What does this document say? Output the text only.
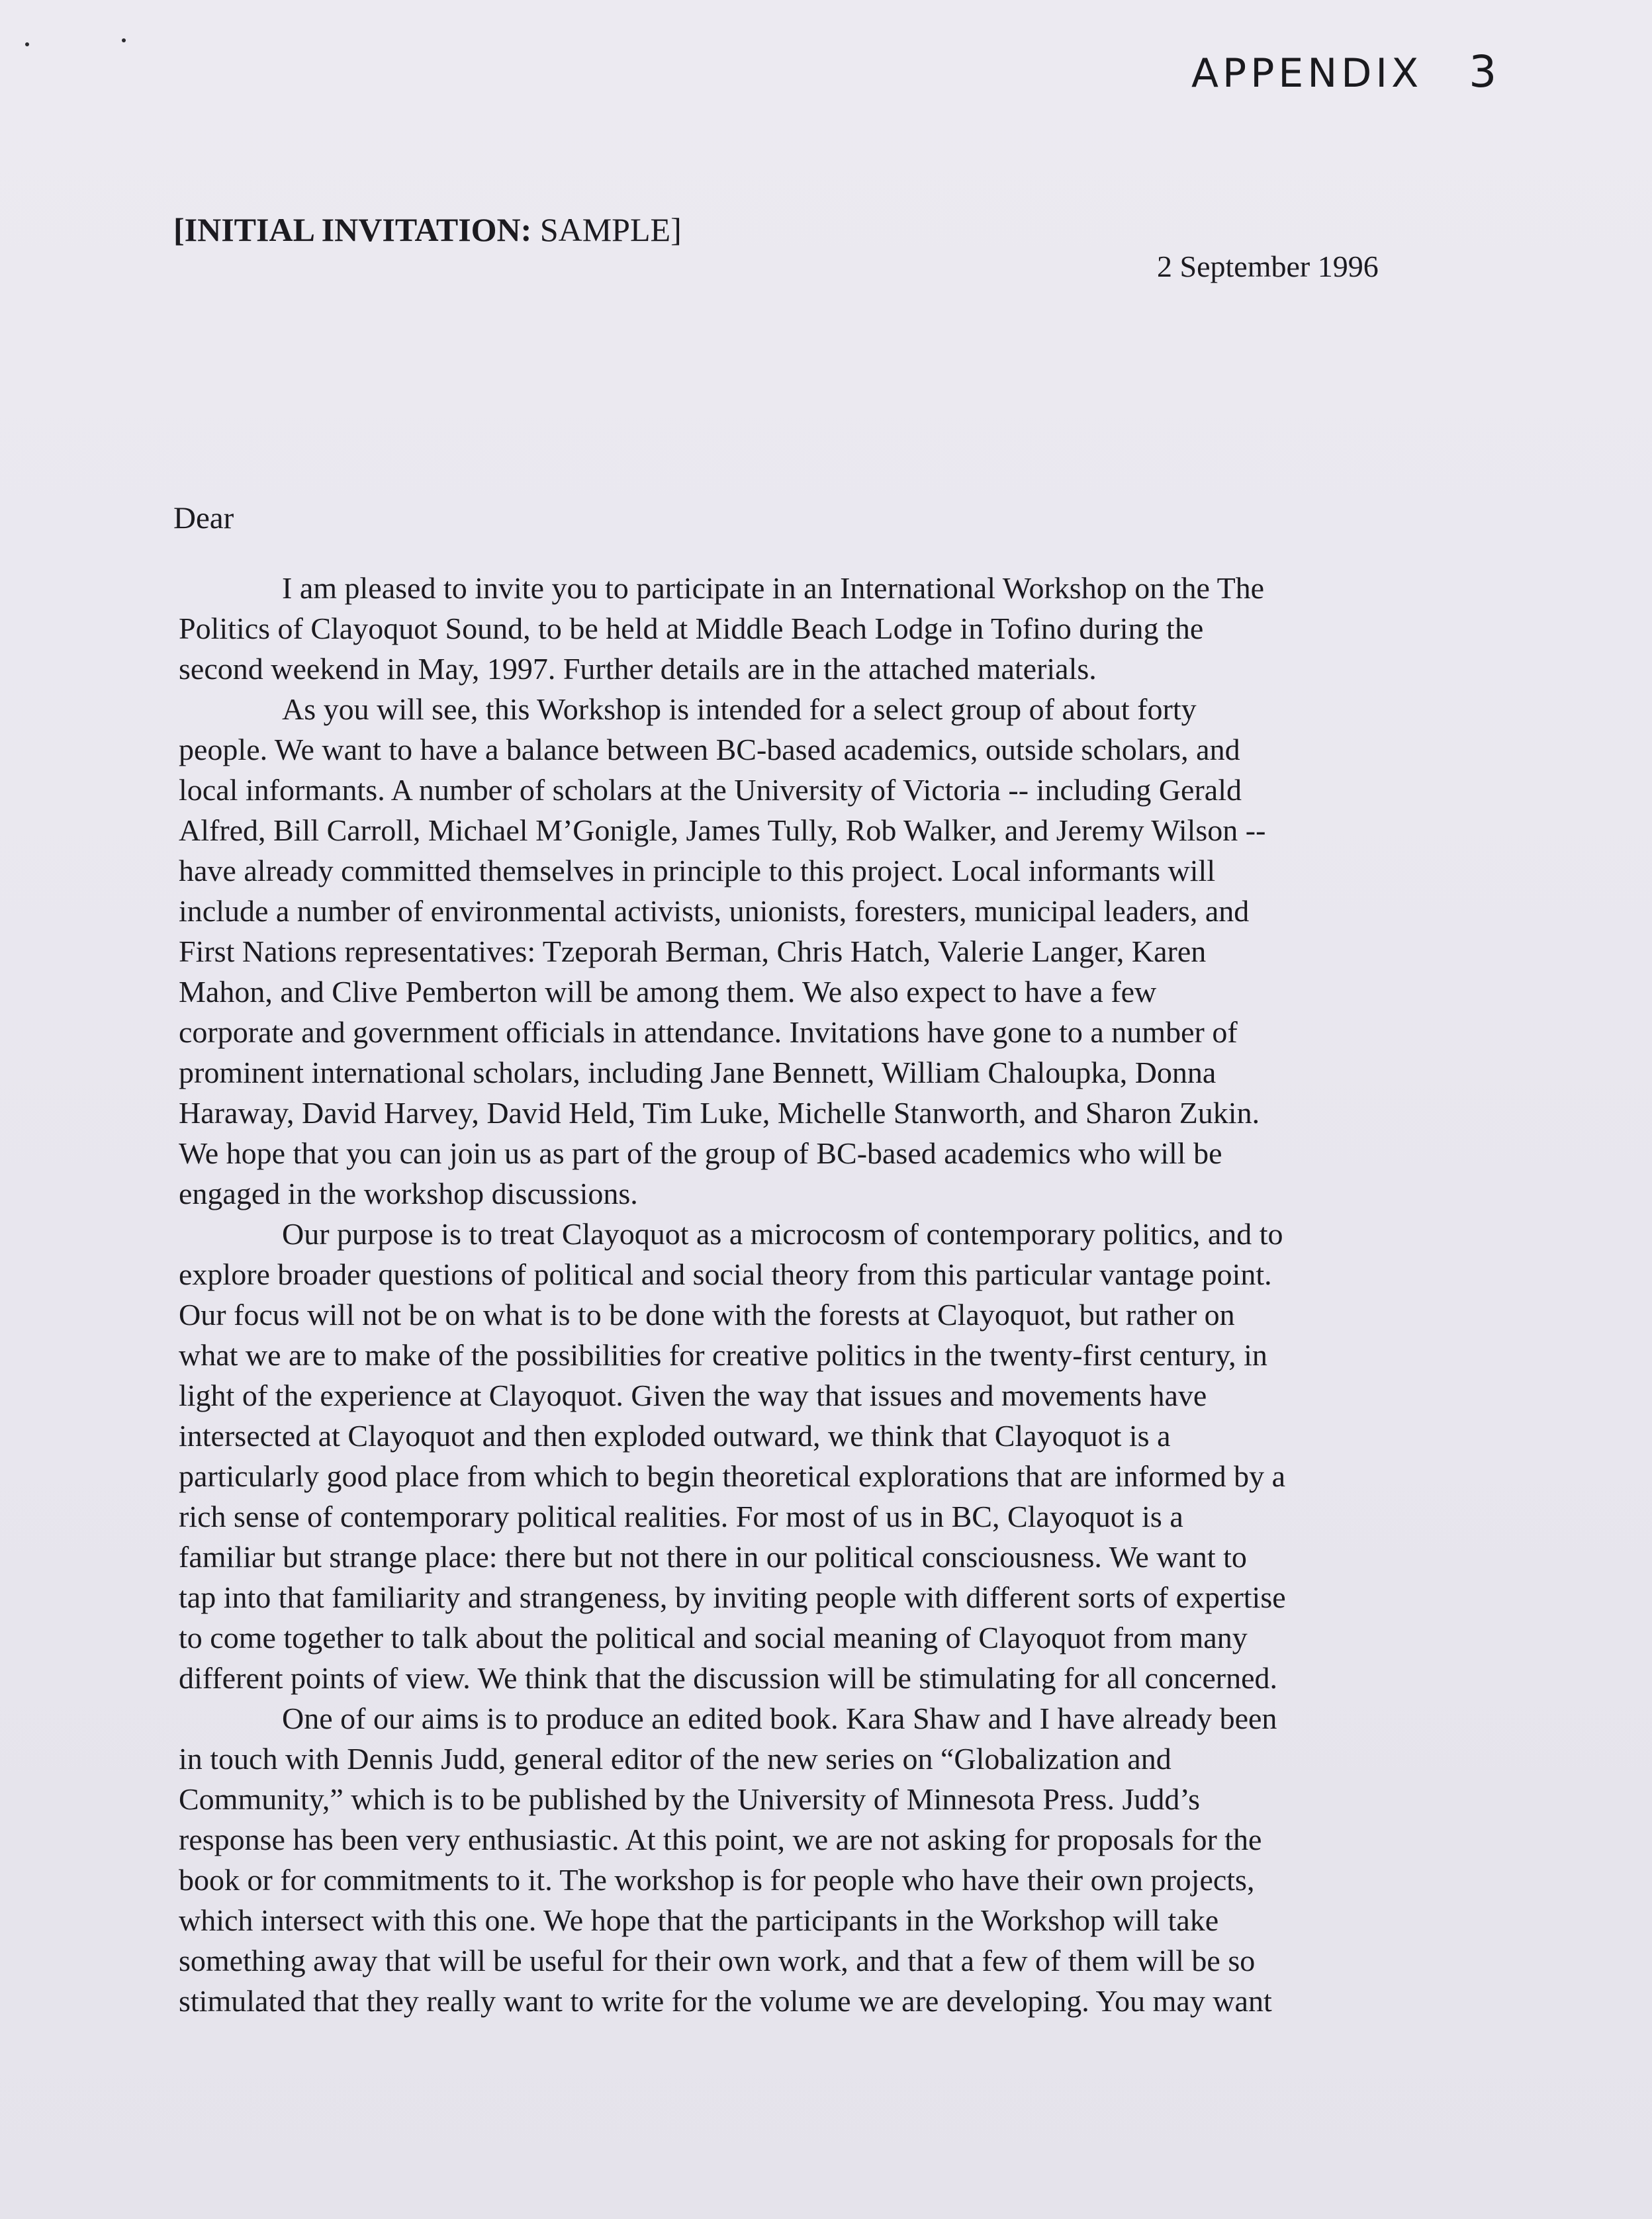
APPENDIX 3
[INITIAL INVITATION: SAMPLE]
2 September 1996
Dear
I am pleased to invite you to participate in an International Workshop on the The
Politics of Clayoquot Sound, to be held at Middle Beach Lodge in Tofino during the
second weekend in May, 1997. Further details are in the attached materials.
As you will see, this Workshop is intended for a select group of about forty
people. We want to have a balance between BC-based academics, outside scholars, and
local informants. A number of scholars at the University of Victoria -- including Gerald
Alfred, Bill Carroll, Michael M’Gonigle, James Tully, Rob Walker, and Jeremy Wilson --
have already committed themselves in principle to this project. Local informants will
include a number of environmental activists, unionists, foresters, municipal leaders, and
First Nations representatives: Tzeporah Berman, Chris Hatch, Valerie Langer, Karen
Mahon, and Clive Pemberton will be among them. We also expect to have a few
corporate and government officials in attendance. Invitations have gone to a number of
prominent international scholars, including Jane Bennett, William Chaloupka, Donna
Haraway, David Harvey, David Held, Tim Luke, Michelle Stanworth, and Sharon Zukin.
We hope that you can join us as part of the group of BC-based academics who will be
engaged in the workshop discussions.
Our purpose is to treat Clayoquot as a microcosm of contemporary politics, and to
explore broader questions of political and social theory from this particular vantage point.
Our focus will not be on what is to be done with the forests at Clayoquot, but rather on
what we are to make of the possibilities for creative politics in the twenty-first century, in
light of the experience at Clayoquot. Given the way that issues and movements have
intersected at Clayoquot and then exploded outward, we think that Clayoquot is a
particularly good place from which to begin theoretical explorations that are informed by a
rich sense of contemporary political realities. For most of us in BC, Clayoquot is a
familiar but strange place: there but not there in our political consciousness. We want to
tap into that familiarity and strangeness, by inviting people with different sorts of expertise
to come together to talk about the political and social meaning of Clayoquot from many
different points of view. We think that the discussion will be stimulating for all concerned.
One of our aims is to produce an edited book. Kara Shaw and I have already been
in touch with Dennis Judd, general editor of the new series on “Globalization and
Community,” which is to be published by the University of Minnesota Press. Judd’s
response has been very enthusiastic. At this point, we are not asking for proposals for the
book or for commitments to it. The workshop is for people who have their own projects,
which intersect with this one. We hope that the participants in the Workshop will take
something away that will be useful for their own work, and that a few of them will be so
stimulated that they really want to write for the volume we are developing. You may want
